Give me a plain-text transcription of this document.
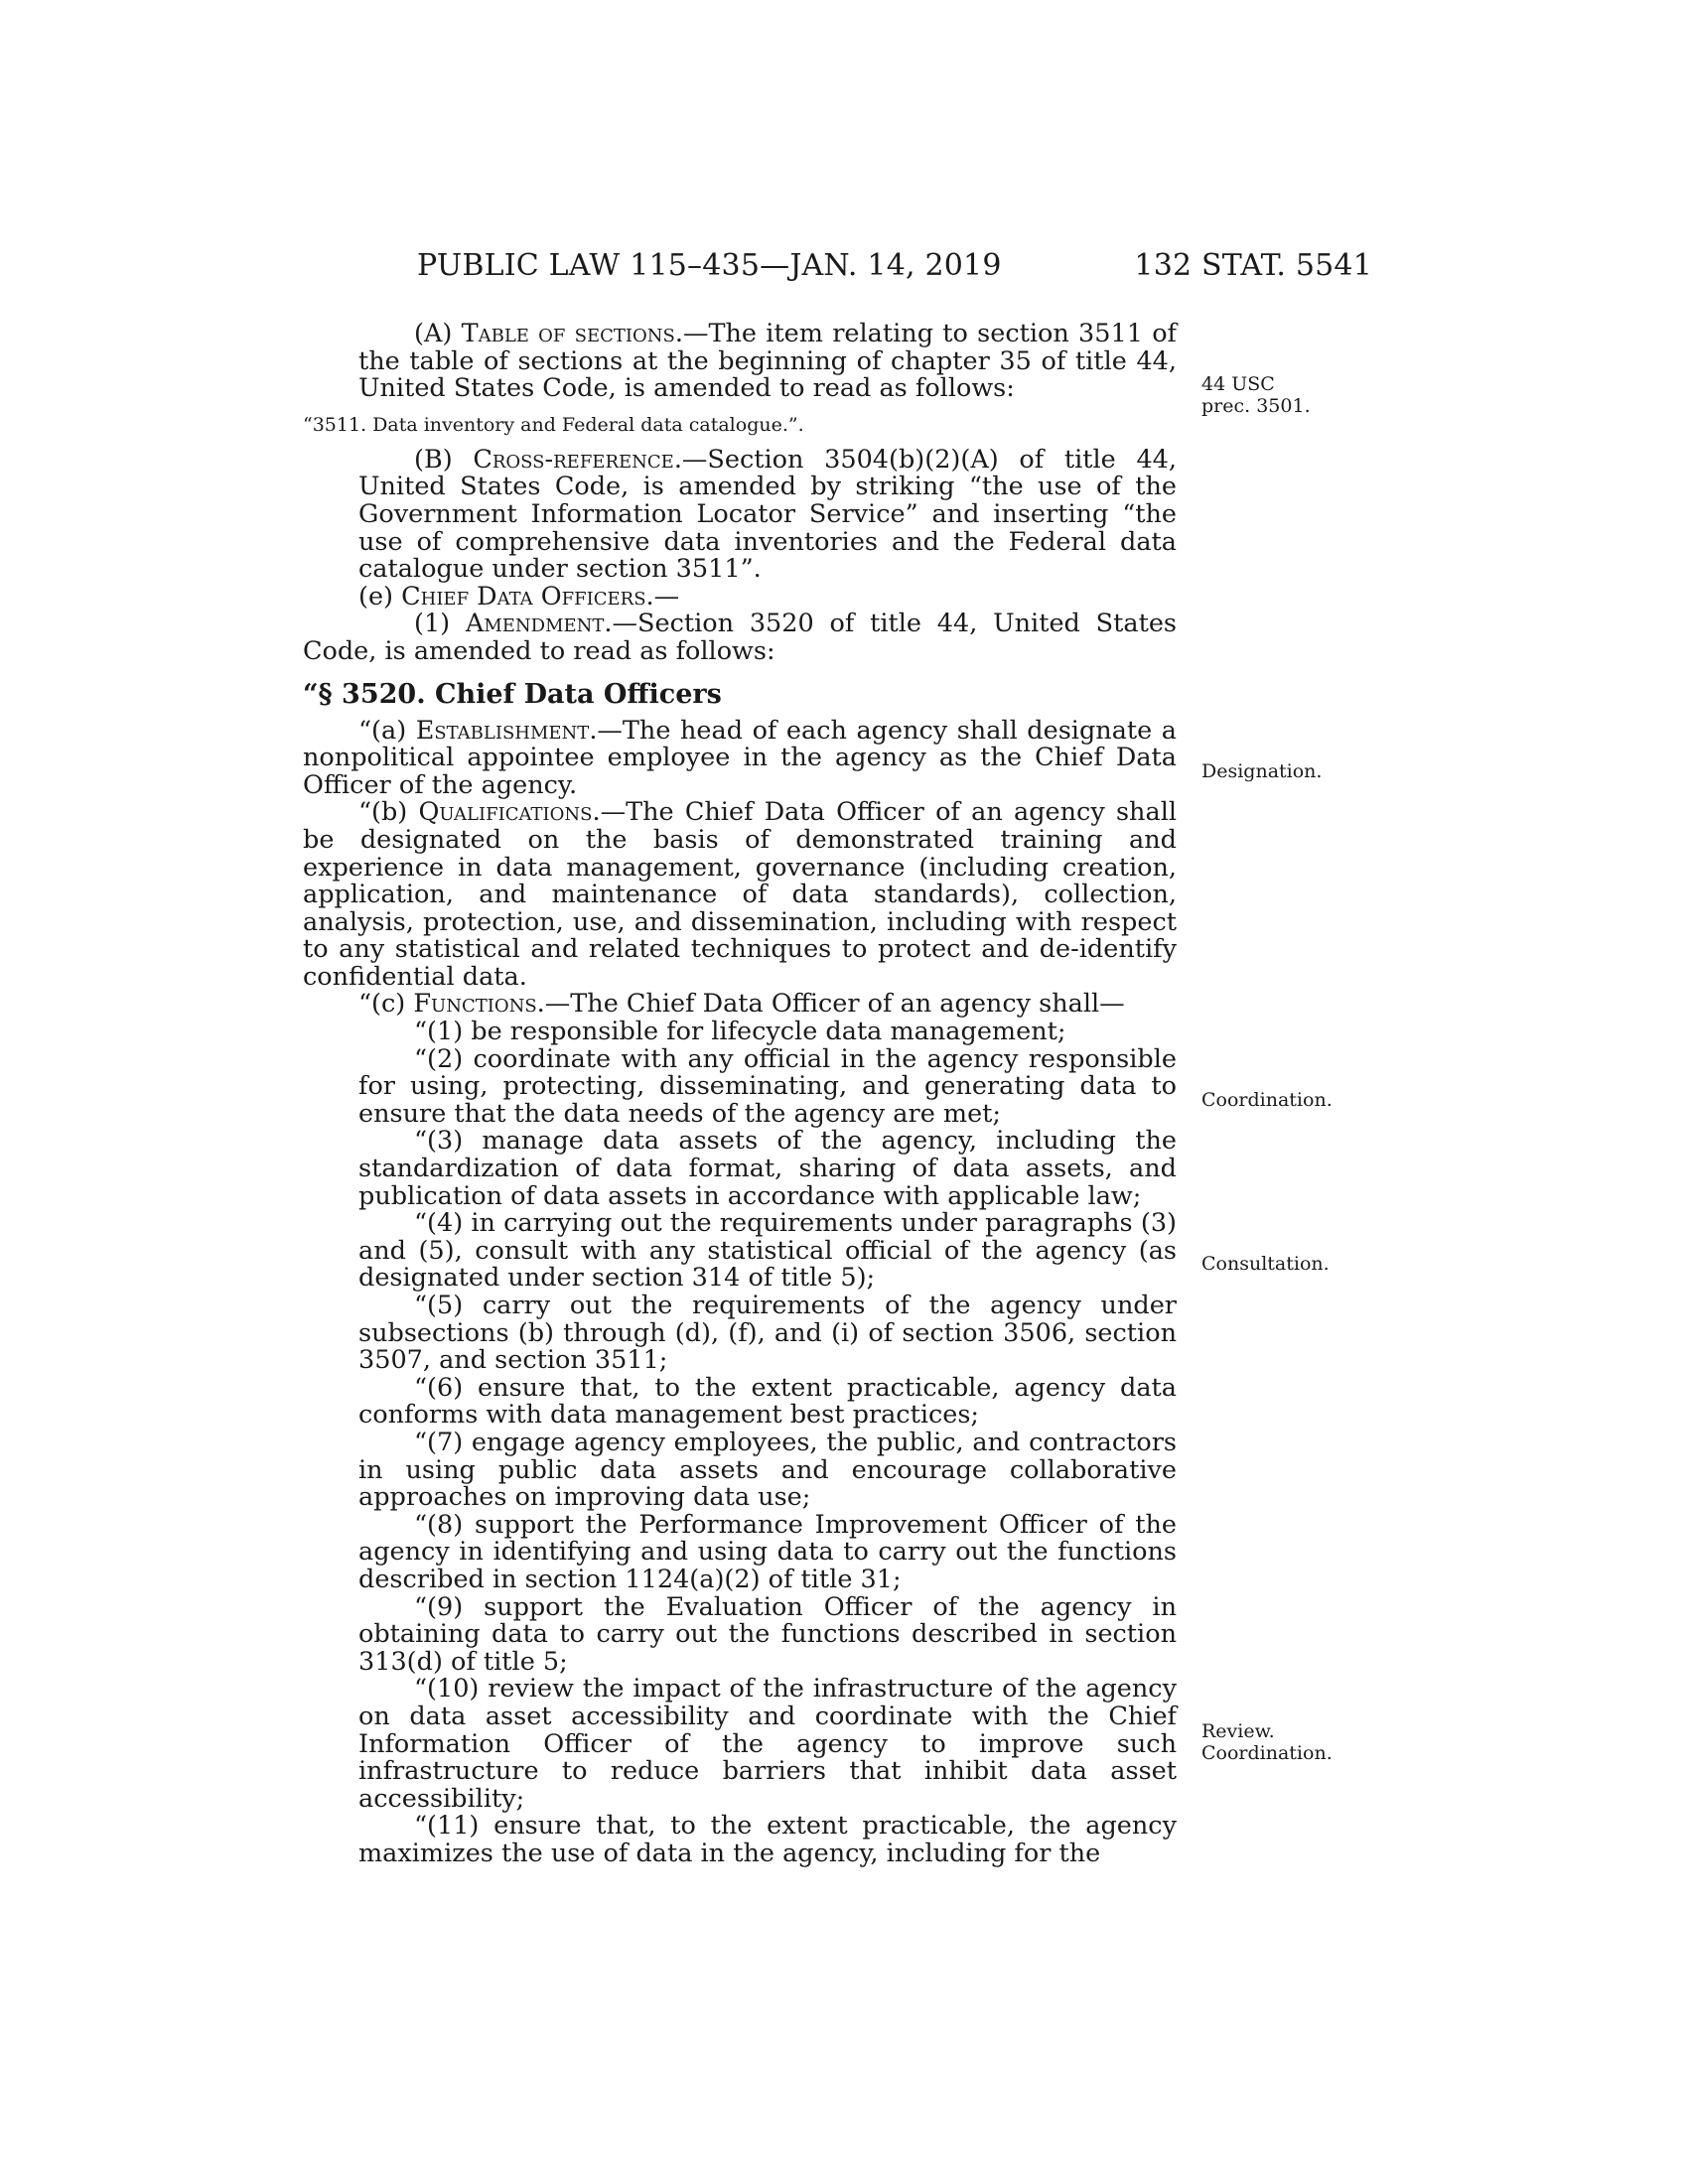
PUBLIC LAW 115–435—JAN. 14, 2019	132 STAT. 5541

(A) Table of sections.—The item relating to section 3511 of the table of sections at the beginning of chapter 35 of title 44, United States Code, is amended to read as follows:

“3511. Data inventory and Federal data catalogue.”.

(B) Cross-reference.—Section 3504(b)(2)(A) of title 44, United States Code, is amended by striking “the use of the Government Information Locator Service” and inserting “the use of comprehensive data inventories and the Federal data catalogue under section 3511”.

(e) Chief Data Officers.—

(1) Amendment.—Section 3520 of title 44, United States Code, is amended to read as follows:

“§ 3520. Chief Data Officers

“(a) Establishment.—The head of each agency shall designate a nonpolitical appointee employee in the agency as the Chief Data Officer of the agency.

“(b) Qualifications.—The Chief Data Officer of an agency shall be designated on the basis of demonstrated training and experience in data management, governance (including creation, application, and maintenance of data standards), collection, analysis, protection, use, and dissemination, including with respect to any statistical and related techniques to protect and de-identify confidential data.

“(c) Functions.—The Chief Data Officer of an agency shall—

“(1) be responsible for lifecycle data management;

“(2) coordinate with any official in the agency responsible for using, protecting, disseminating, and generating data to ensure that the data needs of the agency are met;

“(3) manage data assets of the agency, including the standardization of data format, sharing of data assets, and publication of data assets in accordance with applicable law;

“(4) in carrying out the requirements under paragraphs (3) and (5), consult with any statistical official of the agency (as designated under section 314 of title 5);

“(5) carry out the requirements of the agency under subsections (b) through (d), (f), and (i) of section 3506, section 3507, and section 3511;

“(6) ensure that, to the extent practicable, agency data conforms with data management best practices;

“(7) engage agency employees, the public, and contractors in using public data assets and encourage collaborative approaches on improving data use;

“(8) support the Performance Improvement Officer of the agency in identifying and using data to carry out the functions described in section 1124(a)(2) of title 31;

“(9) support the Evaluation Officer of the agency in obtaining data to carry out the functions described in section 313(d) of title 5;

“(10) review the impact of the infrastructure of the agency on data asset accessibility and coordinate with the Chief Information Officer of the agency to improve such infrastructure to reduce barriers that inhibit data asset accessibility;

“(11) ensure that, to the extent practicable, the agency maximizes the use of data in the agency, including for the

44 USC
prec. 3501.
Designation.
Coordination.
Consultation.
Review.
Coordination.
